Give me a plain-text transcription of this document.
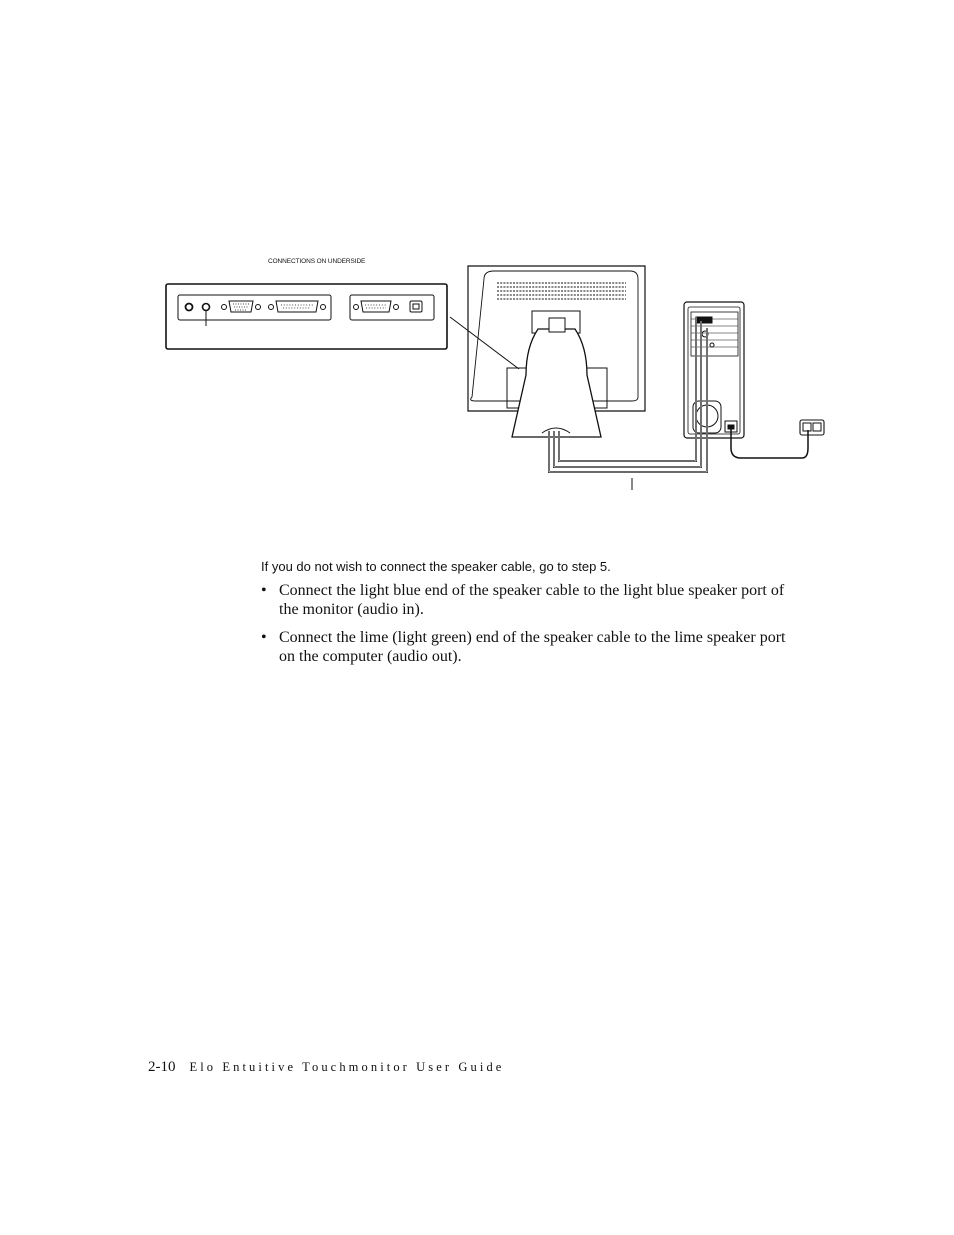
CONNECTIONS ON UNDERSIDE
If you do not wish to connect the speaker cable, go to step 5.
• Connect the light blue end of the speaker cable to the light blue speaker port of the monitor (audio in).
• Connect the lime (light green) end of the speaker cable to the lime speaker port on the computer (audio out).
2-10 Elo Entuitive Touchmonitor User Guide
